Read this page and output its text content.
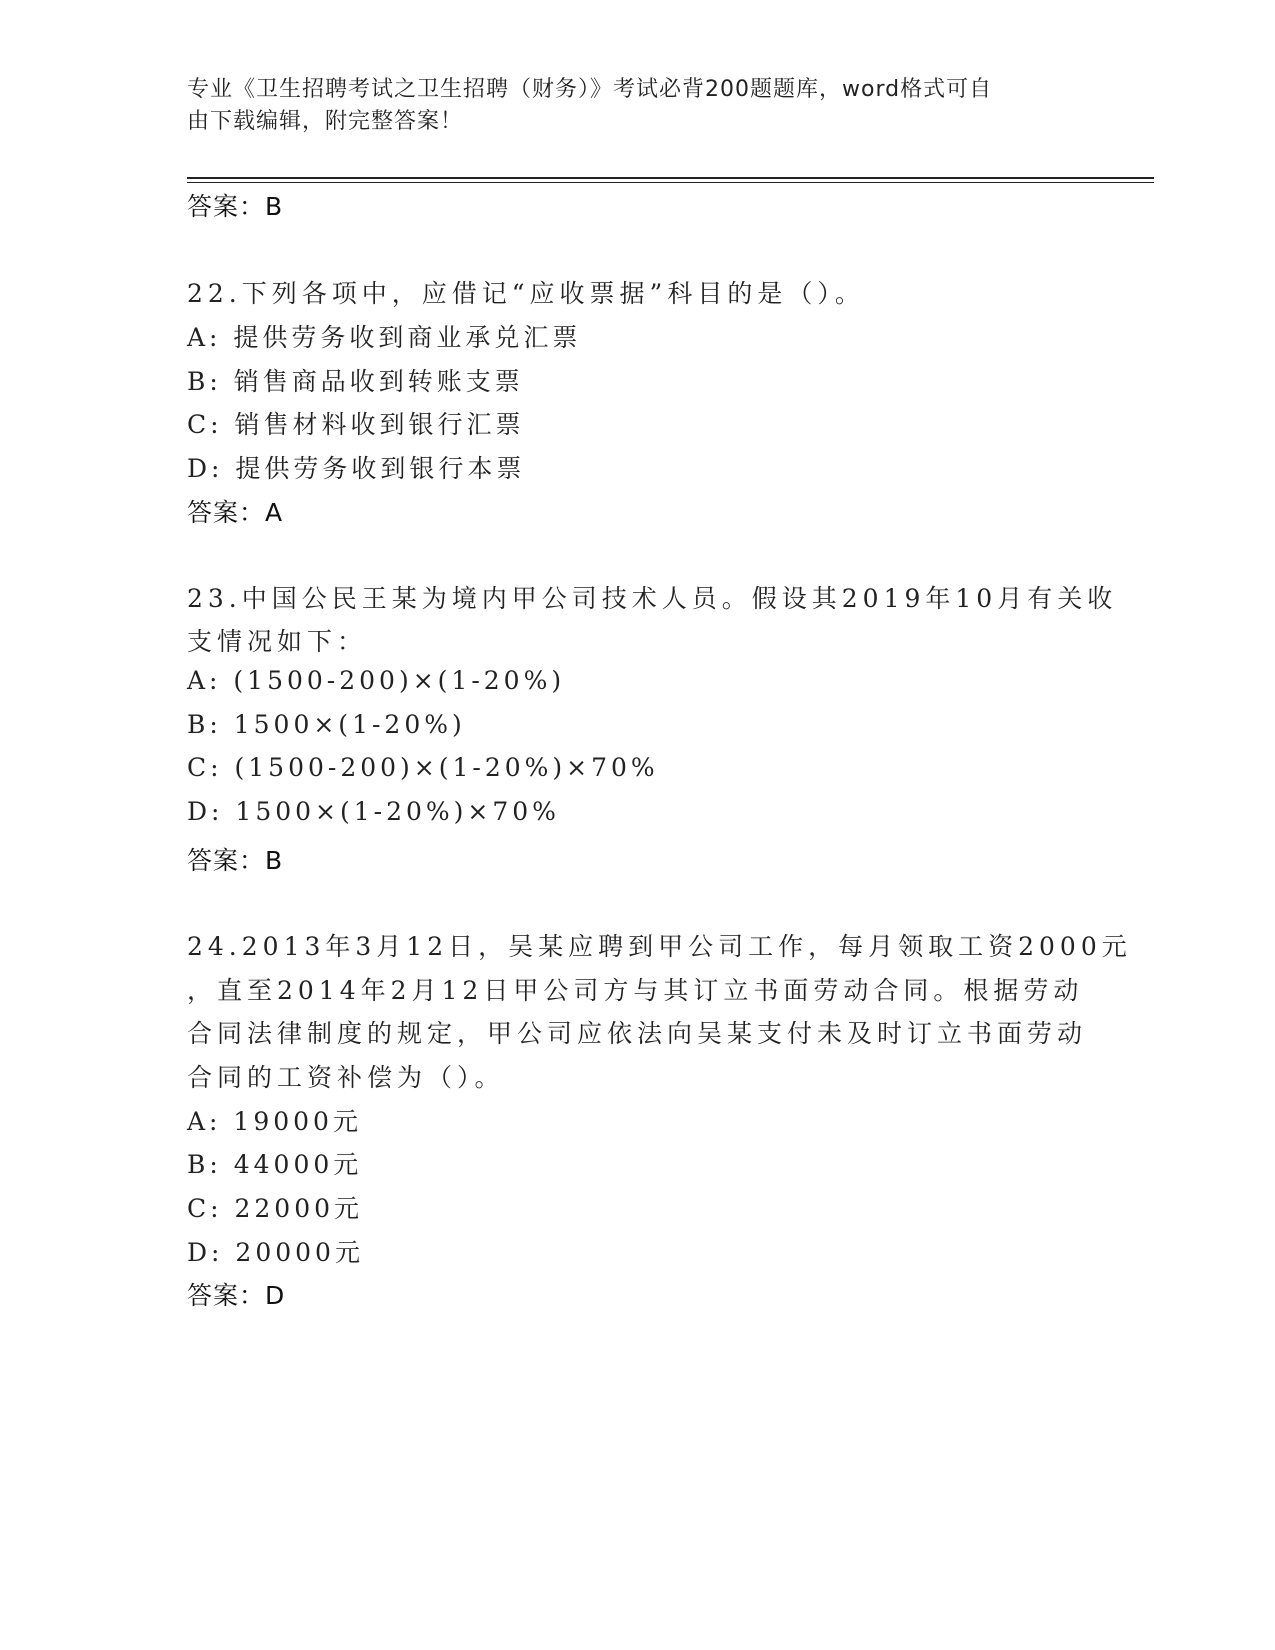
专业《卫生招聘考试之卫生招聘（财务）》考试必背200题题库，word格式可自
由下载编辑，附完整答案！
答案：B
22.下列各项中，应借记“应收票据”科目的是（）。
A: 提供劳务收到商业承兑汇票
B: 销售商品收到转账支票
C: 销售材料收到银行汇票
D: 提供劳务收到银行本票
答案：A
23.中国公民王某为境内甲公司技术人员。假设其2019年10月有关收
支情况如下：
A: (1500-200)×(1-20%)
B: 1500×(1-20%)
C: (1500-200)×(1-20%)×70%
D: 1500×(1-20%)×70%
答案：B
24.2013年3月12日，吴某应聘到甲公司工作，每月领取工资2000元
，直至2014年2月12日甲公司方与其订立书面劳动合同。根据劳动
合同法律制度的规定，甲公司应依法向吴某支付未及时订立书面劳动
合同的工资补偿为（）。
A: 19000元
B: 44000元
C: 22000元
D: 20000元
答案：D
